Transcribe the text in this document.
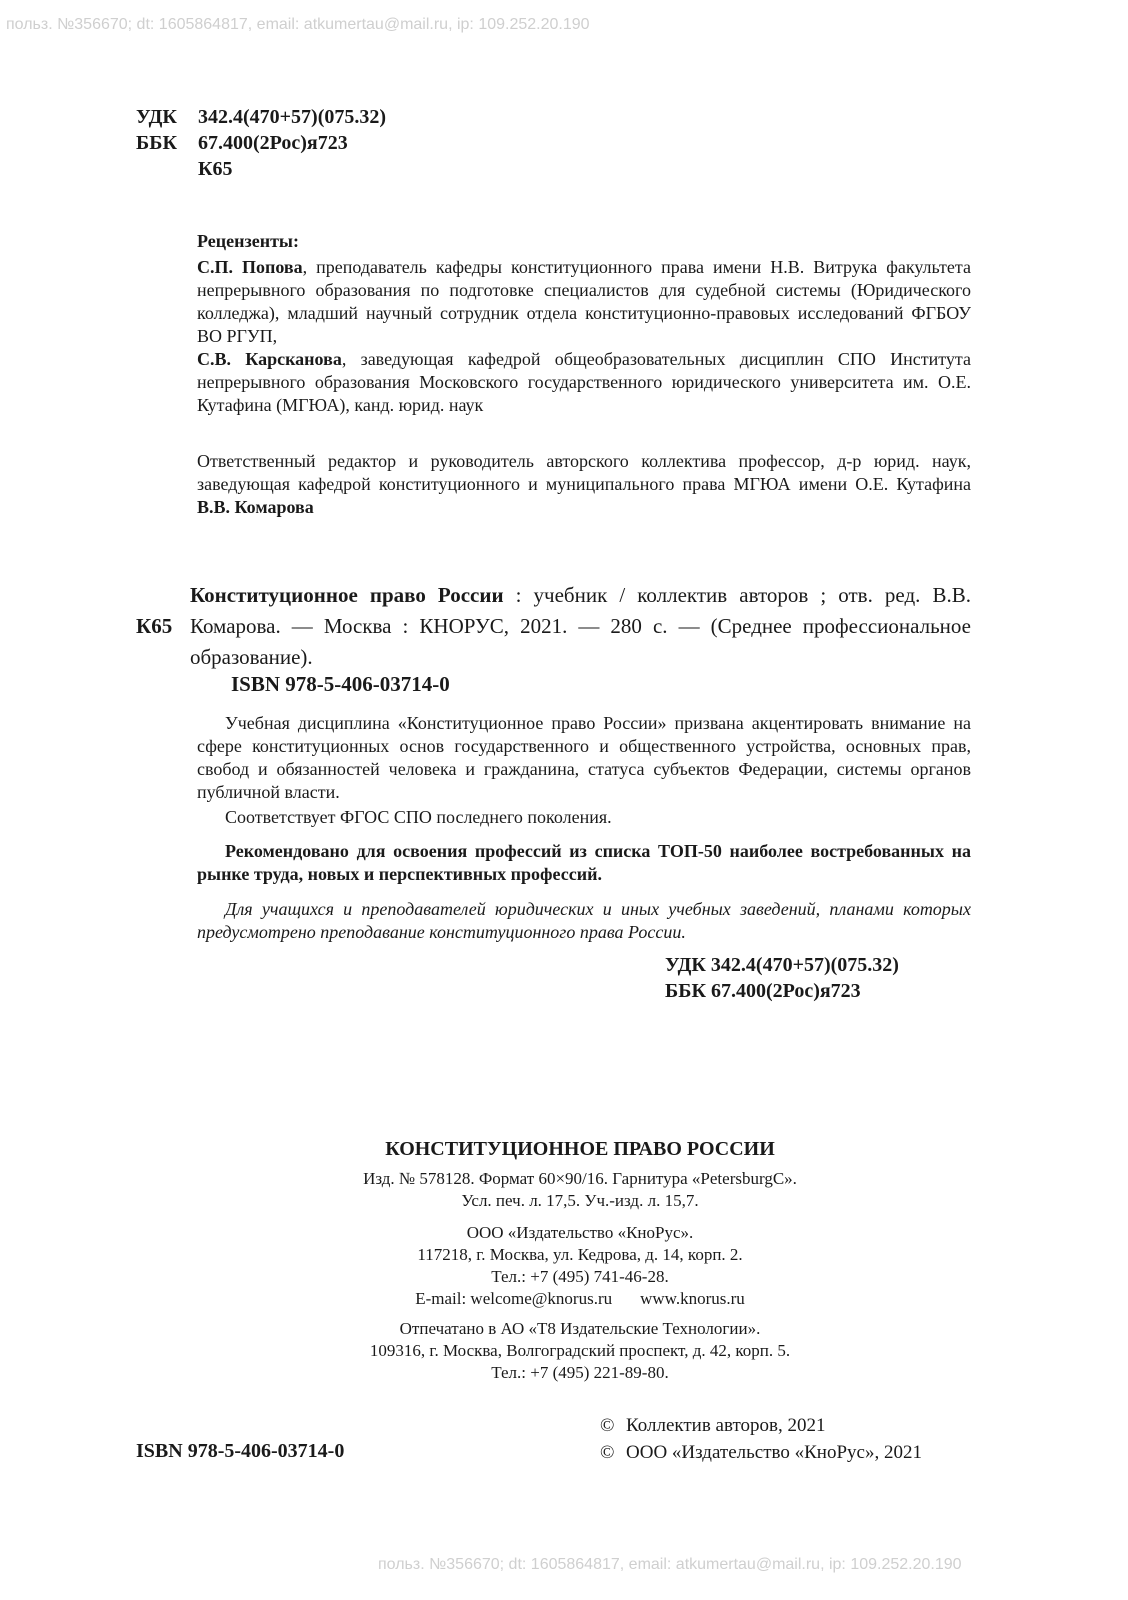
польз. №356670; dt: 1605864817, email: atkumertau@mail.ru, ip: 109.252.20.190
УДК	342.4(470+57)(075.32)
ББК	67.400(2Рос)я723
К65
Рецензенты:
С.П. Попова, преподаватель кафедры конституционного права имени Н.В. Витрука факультета непрерывного образования по подготовке специалистов для судебной системы (Юридического колледжа), младший научный сотрудник отдела конституционно-правовых исследований ФГБОУ ВО РГУП,
С.В. Карсканова, заведующая кафедрой общеобразовательных дисциплин СПО Института непрерывного образования Московского государственного юридического университета им. О.Е. Кутафина (МГЮА), канд. юрид. наук
Ответственный редактор и руководитель авторского коллектива профессор, д-р юрид. наук, заведующая кафедрой конституционного и муниципального права МГЮА имени О.Е. Кутафина В.В. Комарова
К65
Конституционное право России : учебник / коллектив авторов ; отв. ред. В.В. Комарова. — Москва : КНОРУС, 2021. — 280 с. — (Среднее профессиональное образование).
ISBN 978-5-406-03714-0
Учебная дисциплина «Конституционное право России» призвана акцентировать внимание на сфере конституционных основ государственного и общественного устройства, основных прав, свобод и обязанностей человека и гражданина, статуса субъектов Федерации, системы органов публичной власти.
Соответствует ФГОС СПО последнего поколения.
Рекомендовано для освоения профессий из списка ТОП-50 наиболее востребованных на рынке труда, новых и перспективных профессий.
Для учащихся и преподавателей юридических и иных учебных заведений, планами которых предусмотрено преподавание конституционного права России.
УДК 342.4(470+57)(075.32)
ББК 67.400(2Рос)я723
КОНСТИТУЦИОННОЕ ПРАВО РОССИИ
Изд. № 578128. Формат 60×90/16. Гарнитура «PetersburgC».
Усл. печ. л. 17,5. Уч.-изд. л. 15,7.
ООО «Издательство «КноРус».
117218, г. Москва, ул. Кедрова, д. 14, корп. 2.
Тел.: +7 (495) 741-46-28.
E-mail: welcome@knorus.ru www.knorus.ru
Отпечатано в АО «Т8 Издательские Технологии».
109316, г. Москва, Волгоградский проспект, д. 42, корп. 5.
Тел.: +7 (495) 221-89-80.
© Коллектив авторов, 2021
© ООО «Издательство «КноРус», 2021
ISBN 978-5-406-03714-0
польз. №356670; dt: 1605864817, email: atkumertau@mail.ru, ip: 109.252.20.190
